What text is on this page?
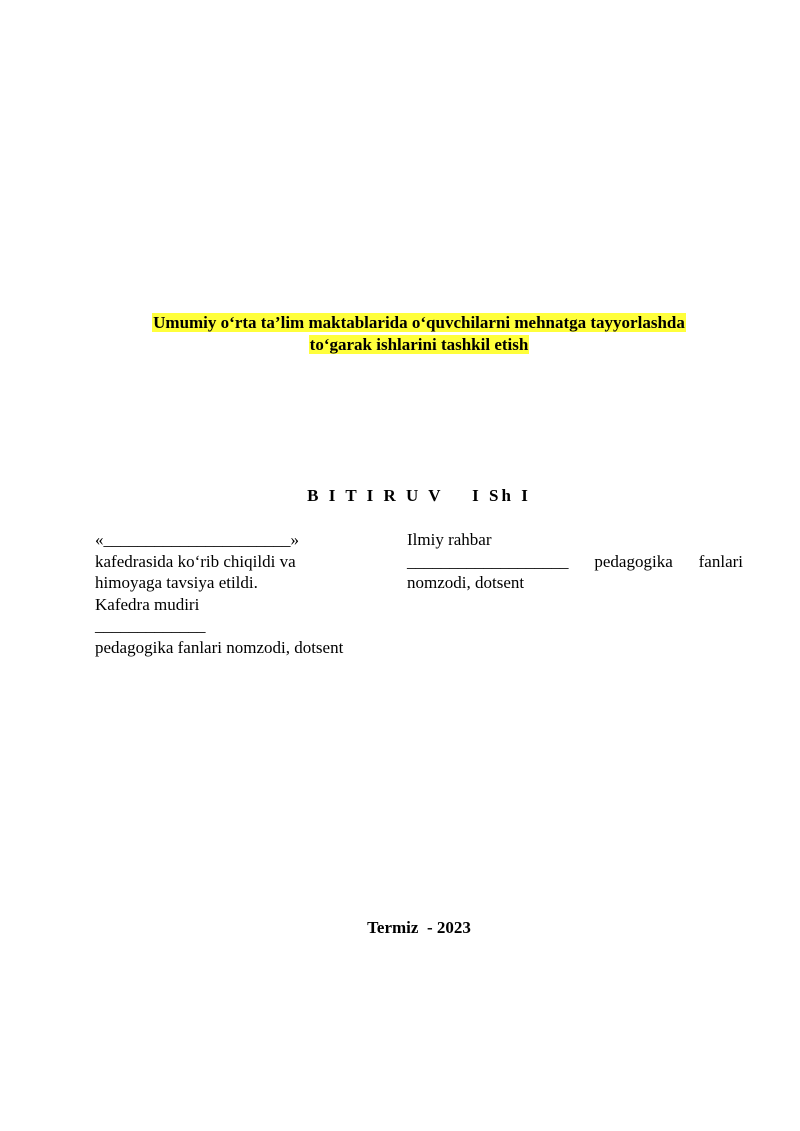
Umumiy o‘rta ta’lim maktablarida o‘quvchilarni mehnatga tayyorlashda
to‘garak ishlarini tashkil etish
B I T I R U V    I Sh I
«______________________»
kafedrasida ko‘rib chiqildi va
himoyaga tavsiya etildi.
Kafedra mudiri
_____________
pedagogika fanlari nomzodi, dotsent
Ilmiy rahbar
___________________ pedagogika fanlari
nomzodi, dotsent
Termiz  - 2023
